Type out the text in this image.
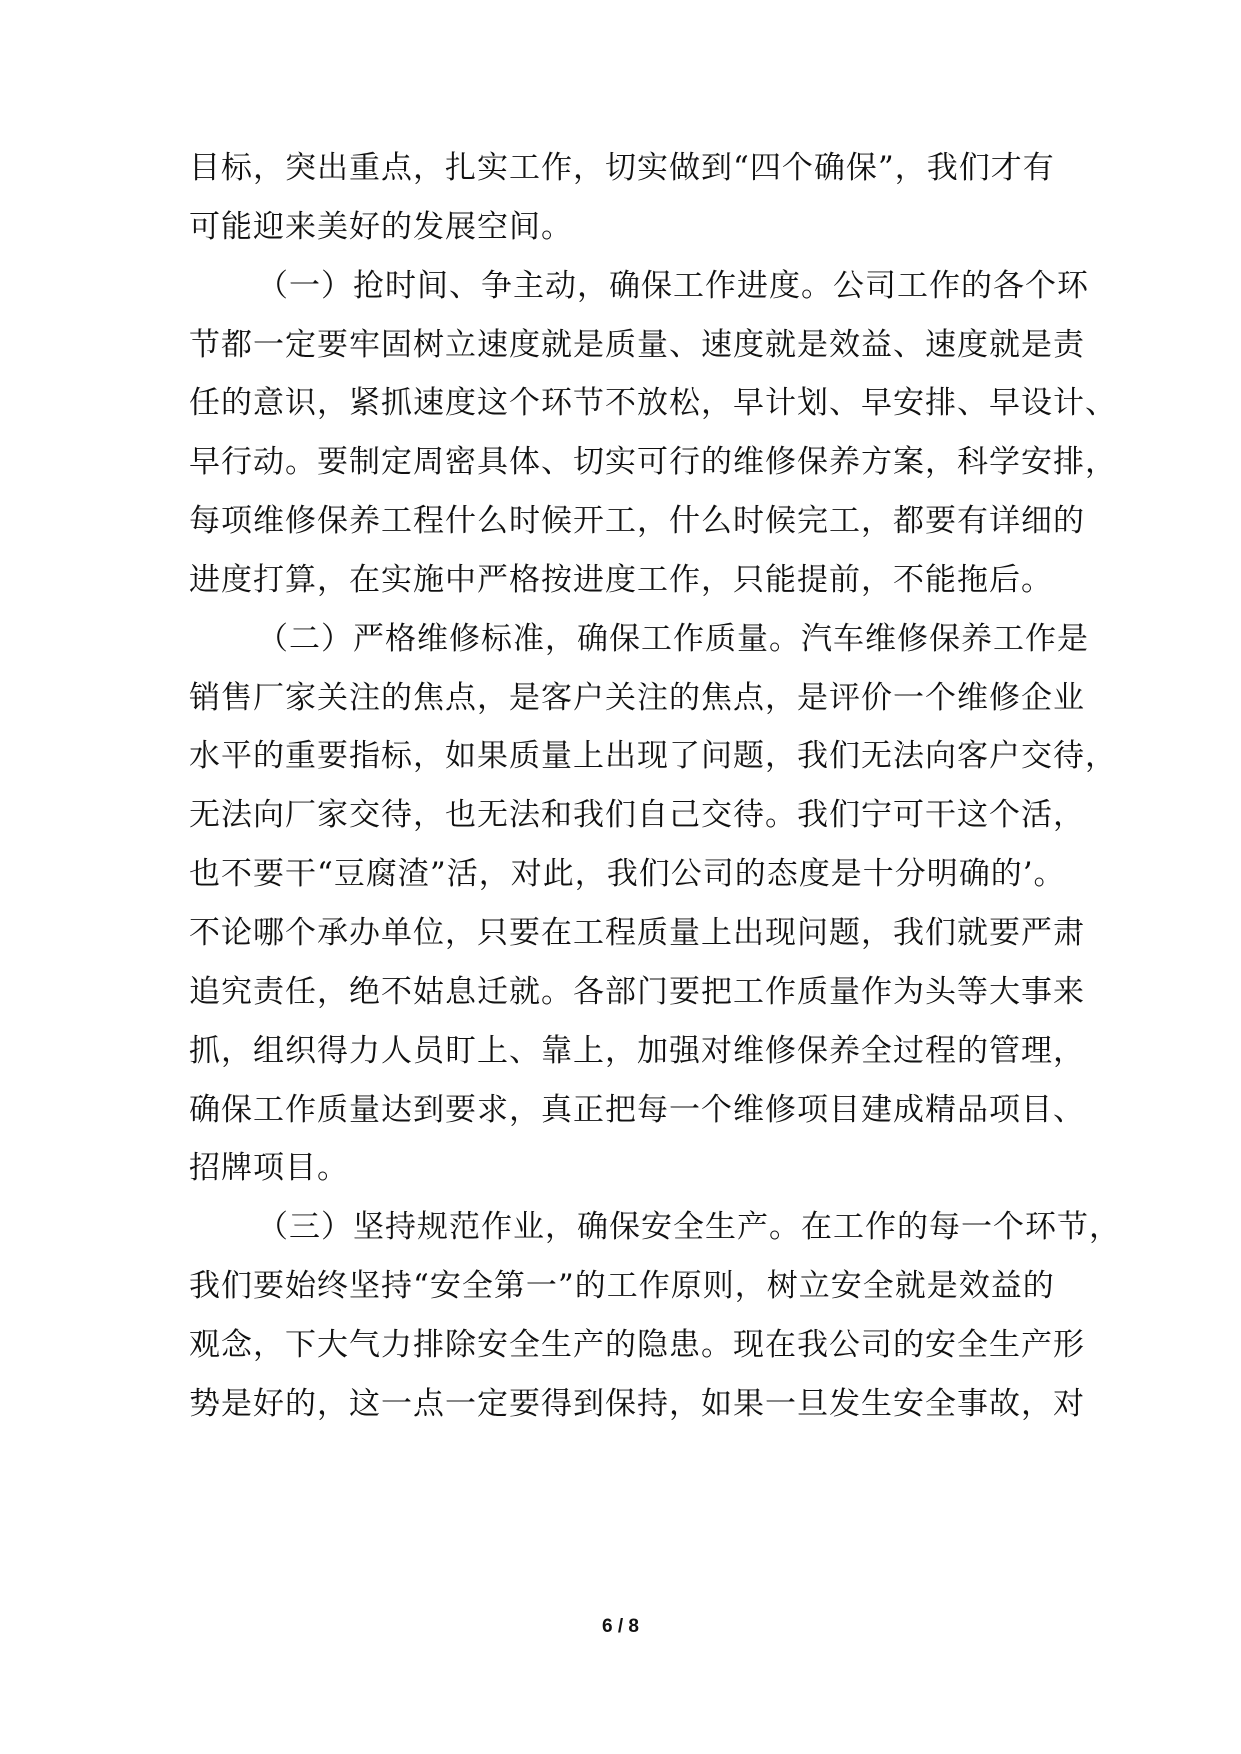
目标，突出重点，扎实工作，切实做到“四个确保”，我们才有
可能迎来美好的发展空间。
（一）抢时间、争主动，确保工作进度。公司工作的各个环
节都一定要牢固树立速度就是质量、速度就是效益、速度就是责
任的意识，紧抓速度这个环节不放松，早计划、早安排、早设计、
早行动。要制定周密具体、切实可行的维修保养方案，科学安排，
每项维修保养工程什么时候开工，什么时候完工，都要有详细的
进度打算，在实施中严格按进度工作，只能提前，不能拖后。
（二）严格维修标准，确保工作质量。汽车维修保养工作是
销售厂家关注的焦点，是客户关注的焦点，是评价一个维修企业
水平的重要指标，如果质量上出现了问题，我们无法向客户交待，
无法向厂家交待，也无法和我们自己交待。我们宁可干这个活，
也不要干“豆腐渣”活，对此，我们公司的态度是十分明确的’。
不论哪个承办单位，只要在工程质量上出现问题，我们就要严肃
追究责任，绝不姑息迁就。各部门要把工作质量作为头等大事来
抓，组织得力人员盯上、靠上，加强对维修保养全过程的管理，
确保工作质量达到要求，真正把每一个维修项目建成精品项目、
招牌项目。
（三）坚持规范作业，确保安全生产。在工作的每一个环节，
我们要始终坚持“安全第一”的工作原则，树立安全就是效益的
观念，下大气力排除安全生产的隐患。现在我公司的安全生产形
势是好的，这一点一定要得到保持，如果一旦发生安全事故，对
6 / 8
